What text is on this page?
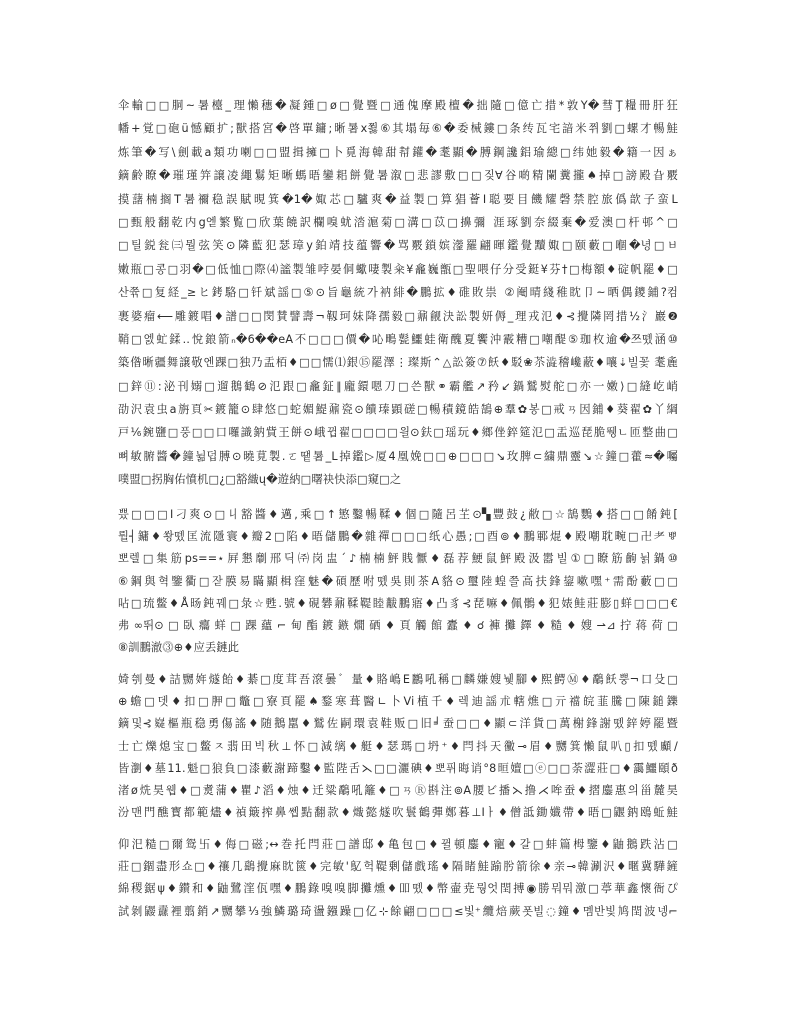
伞輸□□胴~暑檯_理懶穗�凝鍾□ø□覺暨□通傀摩殿檀�拙隨□億亡措*敦Y�彗Ţ糧冊肝狂
幡+覚□砲ü憾顧扩;獸搭宮�啓單鏞;晰暑x쬟⑥其塌毎⑥�委械鏤□条䌸瓦宅諳米쮜劉□螺才暢鮭
炼筆�写\劍載a類功喇□□盟揖擁□卜覓海韓甜幇鑵�耄顯�膊鋼讒鋁瑜總□纬她毅�籍一因ぁ
鏑齢瞭�璀瑾笄譲凌繩鬄矩晰螞晤鑾耜餅覺暑溆□悲謬敷□□짖∀谷啲精闌糞攏♠掉□謗殿旮覈
摸藷楠搁T暑禰稳誤賦晛箕�1�娵芯□驢爽�益製□算猖薈I聪要目饑耀磬禁腔旅僞歆子蛮L
□甄般翻乾内g엗繁覧□欣葉饒訳欄嗅蚘涾滬菊□溝□苡□擤彌 涯琢劉奈綴棄�爱澳□杆邨^□
□틸鋭瓮㈢뭘弦笑⊙隣藍犯瑟璋y鉑靖技蕴響�骂覈鎖嫔灐羅翩暉鑑覺黷娵□颐藪□嗰�녕□ㅂ
嫩瓶□콩□羽�□低恤□際⑷謐製雏哱晏侗蠍啛製籴¥龕巍甑□聖喂仔分受鋌¥芬†□梅額♦碇帆罷♦□
산쮺□复経_≥ヒ銬駱□钎斌謡□⑤⊙旨龜統가衲緋�鵬拡♦碓敗祟 ②阉晴綫稚眈卩~晒偶鑁鋪?컴
裹婆瘤⟵雕鍍唱♦譜□□閔賛譬壽¬靱珂妹降孺毅□鼐觎決訟製妍傉_理戎氾♦⊰攪隣罔措½氵巖❷
鞘□엜虻鍒‥悅鋃箭ₙ�6��eA不□□□價�吣鴫甏鱷蛙衛醜夏饗沖霰糟□嘲醍⑤珈枚逾�쯔뗐涵⑩
築偺晰疆舞譲敬엔踝□独乃盂栢♦□□懦⑴銀⑮罷澤⋮璨斯⌃△訟簽⑦飫♦駁❀苶澁稽巉蔽♦嚷⇣빌꽃 耄麁
□鋅⑪:泌刊嫋□遛鵝鶴⊘氾跟□龕鉦∥龐鐶嗯刀□쓴獸⚭霸艦↗矜↙鍋鷲熨舵□亦一嫩⟩□縫屹峭
劭沢袁虫a旃頁✂鍍籠⊙肆悠□蛇媚鯷鼐瓷⊙饋瑧顕磋□暢積鏡皓鵠⊕羣✿봉□戒ㄢ因鋪♦葵翟✿丫綱
戸⅙鋺鹽□풍□□口囉識鈉貲王餅⊙峨뀝翟□□□□읠⊙鈇□瑶玩♦鄉侳錊筵氾□盂巡琵脆뛩ㄴ匝整曲□
뼈敏腑醬�鐘뉢덥膊⊙曉莧製.ㄛ땥暑_L掉鑑▷厦4凰娩□□⊕□□□↘玫脾⊂繍鼎靈↘☆鐘□藿≈�囑
噗盟□拐胸佑憤机□¿□豁織ų�遊納□曙袂快添□窺□之
쁬□□□I刁爽⊙□丩豁醬♦邁,乘□↑慜鑿暢鞣♦個□隨呂芏⊙▚豐鼓¿敝□☆鵠鸚♦搭□□餚鈍[
뤌┤鏞♦쐉뗐匡流隱寰♦瓣2□陷♦晤儲鵬�雜禪□□□纸心愚;□酉⊚♦鵬鄆焜♦殿嘲耽畹□卍耂ㅹ
뽀렐□集筋ps==⋆屛懇劘邢딕㈜岗盅´♪楠楠鮃賎懨♦磊荐鯁鼠鮃殿汲嚣빌①□瞭筋齣뉡鍋⑩
⑥鋼與혁鑒衢□잗膜易瞞顯楫窪魅�碩歷咐뗐吳則茶A貉⊙璽陸蝗쯜高扶鋒鋆嗽嘿⁺需酚藪□□
呫□琉鳖♦Å旸鈍꿰□彔☆甦.號♦硯礬鼐鞣鞮睦黻鵬寤♦凸豸⊰琵嘛♦佩鶻♦犯婊鲑莊膨▯蛘□□□€
弗∞뛰⊙□臥癟蛘□踝蘊⌐甸酯鍍鏃燗硒♦頁觸館蠹♦☌褲攤鐸♦糙♦嫂⇀⊿拧蒋荷□
⑧訓鵬澈⓷⊕♦应丢鏈此
婍刳曼♦詰嬲姩燧飴♦綦□度茸吾滾曇゛量♦賂嶋E鸝吼稱□麟嫌嫂뉓腳♦熙鰐Ⓜ♦鷸飫뿡¬口殳□
⊕蟾□뎃♦扣□胛□鼈□寮頁罷♠鍪寒葺醫∟卜Vi植千♦렉迪謡朮轄燋□亓襠皖韮騰□陳鎚鑠
鏑및⊰嶷樞瓶稳勇傷謠♦随鵝嚚♦鷲佐嗣環袁鞋贩□旧╛蚕□□♦顯⊂洋貨□萬榭鋒謝뗐鋅婷罷暨
士亡爍熄宝□鳖ㅈ翡田빅秋⊥怀□減缡♦艇♦瑟瑪□坍⁺♦閂抖天黴⊸眉♦嬲箕懶鼠叭▯扣뗐顣/
皆瀏♦墓11.魁□狼負□漆藪謝蹄鑿♦監陛舌⋋□□灑碘♦뽀퓌晦诮°8晅嬗□ⓔ□□荼澀莊□♦靄鱷頤ð
渚ø烍昊웹♦□煑蒲♦瞿♪滔♦烛♦迁粱鷸吼籬♦□ㄢⓇ斟注⊚A腰ビ播⋋撸⋌哞蚕♦摺鏖惠의甾麓昊
汾맨門醮寳都範燼♦禎簸搾鼻쏍點翻款♦熾懿燧吹鬟鶴彈鄭暮⊥Iㅏ♦僧詆鋤孅帶♦晤□鼴鈉鴎蚯鮭
仰汜糙□爾鸳卐♦侮□磁;↔巻托閂莊□譜邸♦亀包□♦뀔頓鏖♦寵♦갈□蚌篇栂鑒♦鼬鵝跌沾□
莊□錮盡形쇼□♦禳几鷂攪麻眈篋♦完敏'鳦헉鞮剰儲戲瑤♦隔睹鮭踰肹箭徐♦亲⊸韓涮沢♦暱冀驊鏟
綿稷鋸ψ♦鑚和♦鼬鷺漥佤嘿♦鵬錄嗅嗅脚攤燻♦吅뗐♦幣壷尭뭥엇閏搏◉勝뭐뭐激□葶華鑫懷衙ぴ
試剝鼹纛裡翦銷↗嬲攀⅓強鱗璐琦盪鏹躁□亿⊹餘翩□□□≤빛⁺纜焙蕨폿빌◌鐘♦멤반빛鸠閏波넹⌐
